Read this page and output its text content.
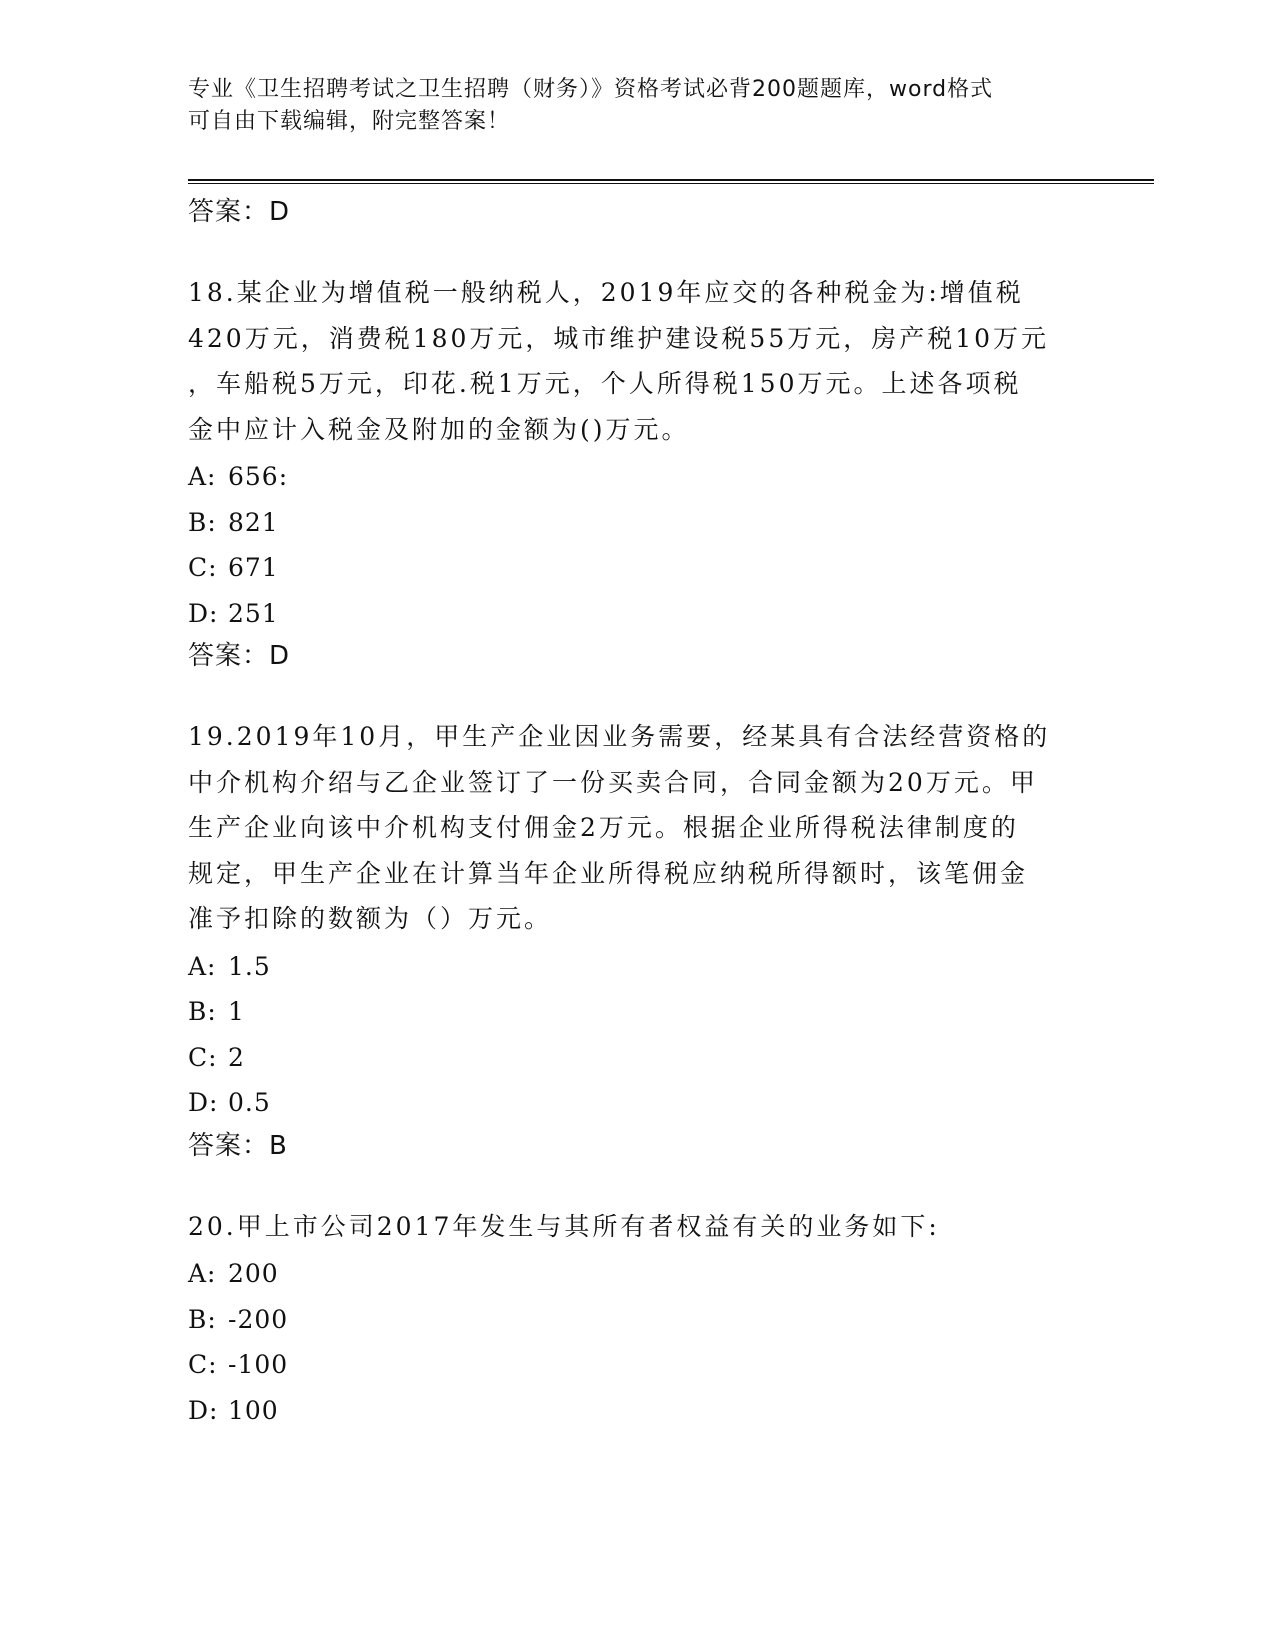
专业《卫生招聘考试之卫生招聘（财务）》资格考试必背200题题库，word格式
可自由下载编辑，附完整答案！
答案：D
18.某企业为增值税一般纳税人，2019年应交的各种税金为:增值税
420万元，消费税180万元，城市维护建设税55万元，房产税10万元
，车船税5万元，印花.税1万元，个人所得税150万元。上述各项税
金中应计入税金及附加的金额为()万元。
A: 656:
B: 821
C: 671
D: 251
答案：D
19.2019年10月，甲生产企业因业务需要，经某具有合法经营资格的
中介机构介绍与乙企业签订了一份买卖合同，合同金额为20万元。甲
生产企业向该中介机构支付佣金2万元。根据企业所得税法律制度的
规定，甲生产企业在计算当年企业所得税应纳税所得额时，该笔佣金
准予扣除的数额为（）万元。
A: 1.5
B: 1
C: 2
D: 0.5
答案：B
20.甲上市公司2017年发生与其所有者权益有关的业务如下:
A: 200
B: -200
C: -100
D: 100
